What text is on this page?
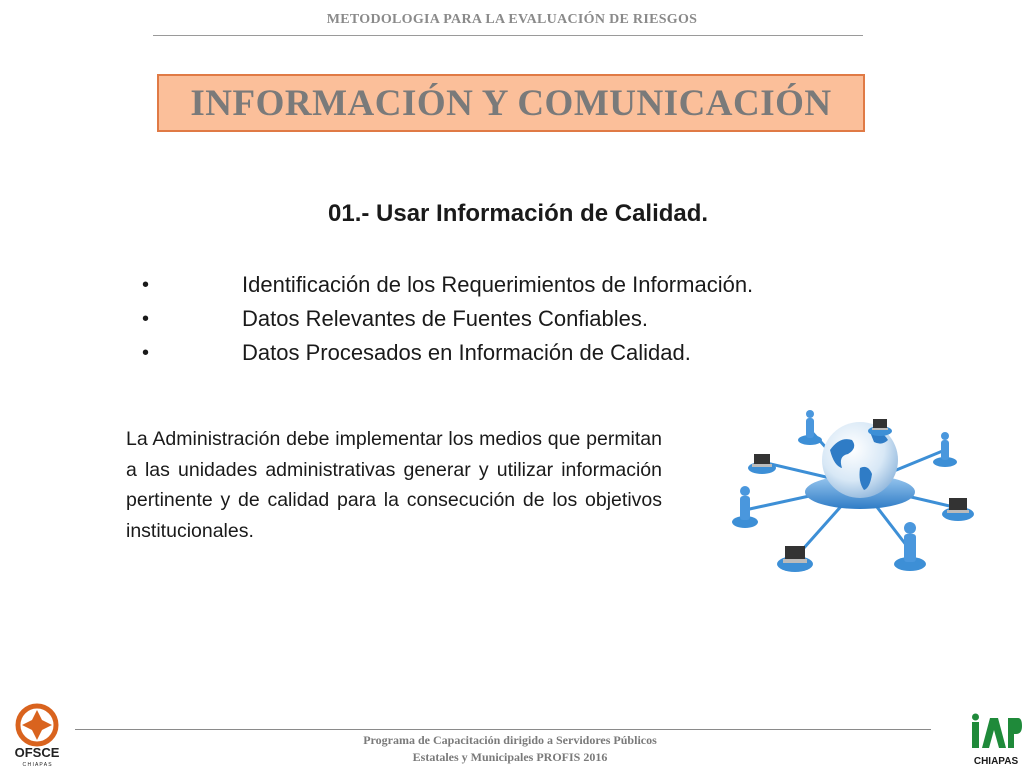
METODOLOGIA PARA LA EVALUACIÓN DE RIESGOS
INFORMACIÓN Y COMUNICACIÓN
01.- Usar Información de Calidad.
•	Identificación de los Requerimientos de Información.
•	Datos Relevantes de Fuentes Confiables.
•	Datos Procesados en Información de Calidad.
La Administración debe implementar los medios que permitan a las unidades administrativas generar y utilizar información pertinente y de calidad para la consecución de los objetivos institucionales.
Programa de Capacitación dirigido a Servidores Públicos
Estatales y Municipales PROFIS 2016
OFSCE
C H I A P A S	CHIAPAS
